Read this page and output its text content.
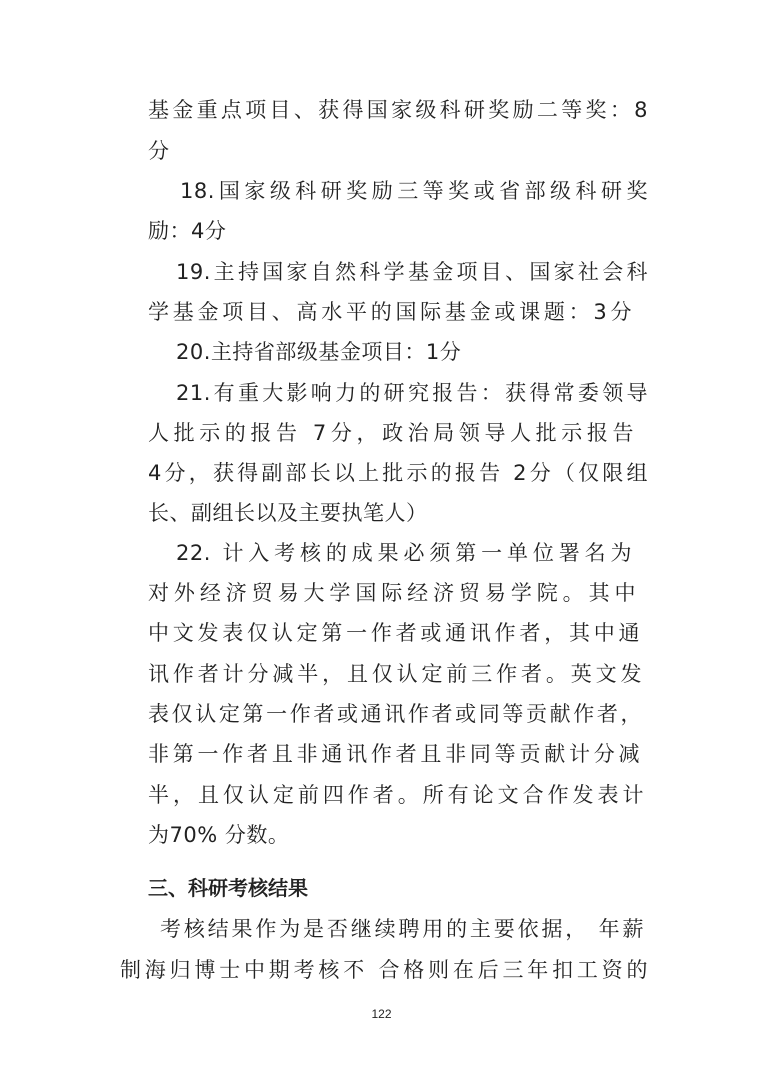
基金重点项目、获得国家级科研奖励二等奖：8
分
18.国家级科研奖励三等奖或省部级科研奖
励：4分
19.主持国家自然科学基金项目、国家社会科
学基金项目、高水平的国际基金或课题：3分
20.主持省部级基金项目：1分
21.有重大影响力的研究报告：获得常委领导
人批示的报告 7分，政治局领导人批示报告
4分，获得副部长以上批示的报告 2分（仅限组
长、副组长以及主要执笔人）
22. 计入考核的成果必须第一单位署名为
对外经济贸易大学国际经济贸易学院。其中
中文发表仅认定第一作者或通讯作者，其中通
讯作者计分减半，且仅认定前三作者。英文发
表仅认定第一作者或通讯作者或同等贡献作者，
非第一作者且非通讯作者且非同等贡献计分减
半，且仅认定前四作者。所有论文合作发表计
为70% 分数。
三、科研考核结果
考核结果作为是否继续聘用的主要依据， 年薪
制海归博士中期考核不 合格则在后三年扣工资的
122
